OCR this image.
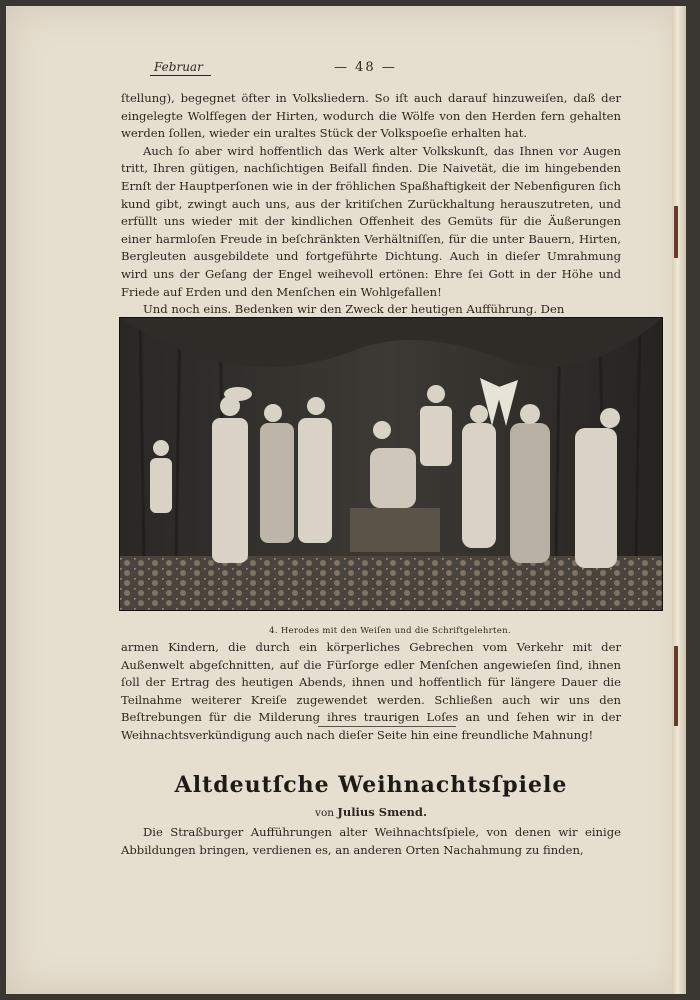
Februar	— 48 —

ſtellung), begegnet öfter in Volksliedern. So iſt auch darauf hinzuweiſen, daß der eingelegte Wolfſegen der Hirten, wodurch die Wölfe von den Herden fern gehalten werden ſollen, wieder ein uraltes Stück der Volkspoeſie erhalten hat.

Auch ſo aber wird hoffentlich das Werk alter Volkskunſt, das Ihnen vor Augen tritt, Ihren gütigen, nachſichtigen Beifall finden. Die Naivetät, die im hingebenden Ernſt der Hauptperſonen wie in der fröhlichen Spaßhaftigkeit der Nebenfiguren ſich kund gibt, zwingt auch uns, aus der kritiſchen Zurückhaltung herauszutreten, und erfüllt uns wieder mit der kindlichen Offenheit des Gemüts für die Äußerungen einer harmloſen Freude in beſchränkten Verhältniſſen, für die unter Bauern, Hirten, Bergleuten ausgebildete und fortgeführte Dichtung. Auch in dieſer Umrahmung wird uns der Geſang der Engel weihevoll ertönen: Ehre ſei Gott in der Höhe und Friede auf Erden und den Menſchen ein Wohlgefallen!

Und noch eins. Bedenken wir den Zweck der heutigen Aufführung. Den

4. Herodes mit den Weiſen und die Schriftgelehrten.

armen Kindern, die durch ein körperliches Gebrechen vom Verkehr mit der Außenwelt abgeſchnitten, auf die Fürſorge edler Menſchen angewieſen ſind, ihnen ſoll der Ertrag des heutigen Abends, ihnen und hoffentlich für längere Dauer die Teilnahme weiterer Kreiſe zugewendet werden. Schließen auch wir uns den Beſtrebungen für die Milderung ihres traurigen Loſes an und ſehen wir in der Weihnachtsverkündigung auch nach dieſer Seite hin eine freundliche Mahnung!

Altdeutſche Weihnachtsſpiele
von Julius Smend.

Die Straßburger Aufführungen alter Weihnachtsſpiele, von denen wir einige Abbildungen bringen, verdienen es, an anderen Orten Nachahmung zu finden,
